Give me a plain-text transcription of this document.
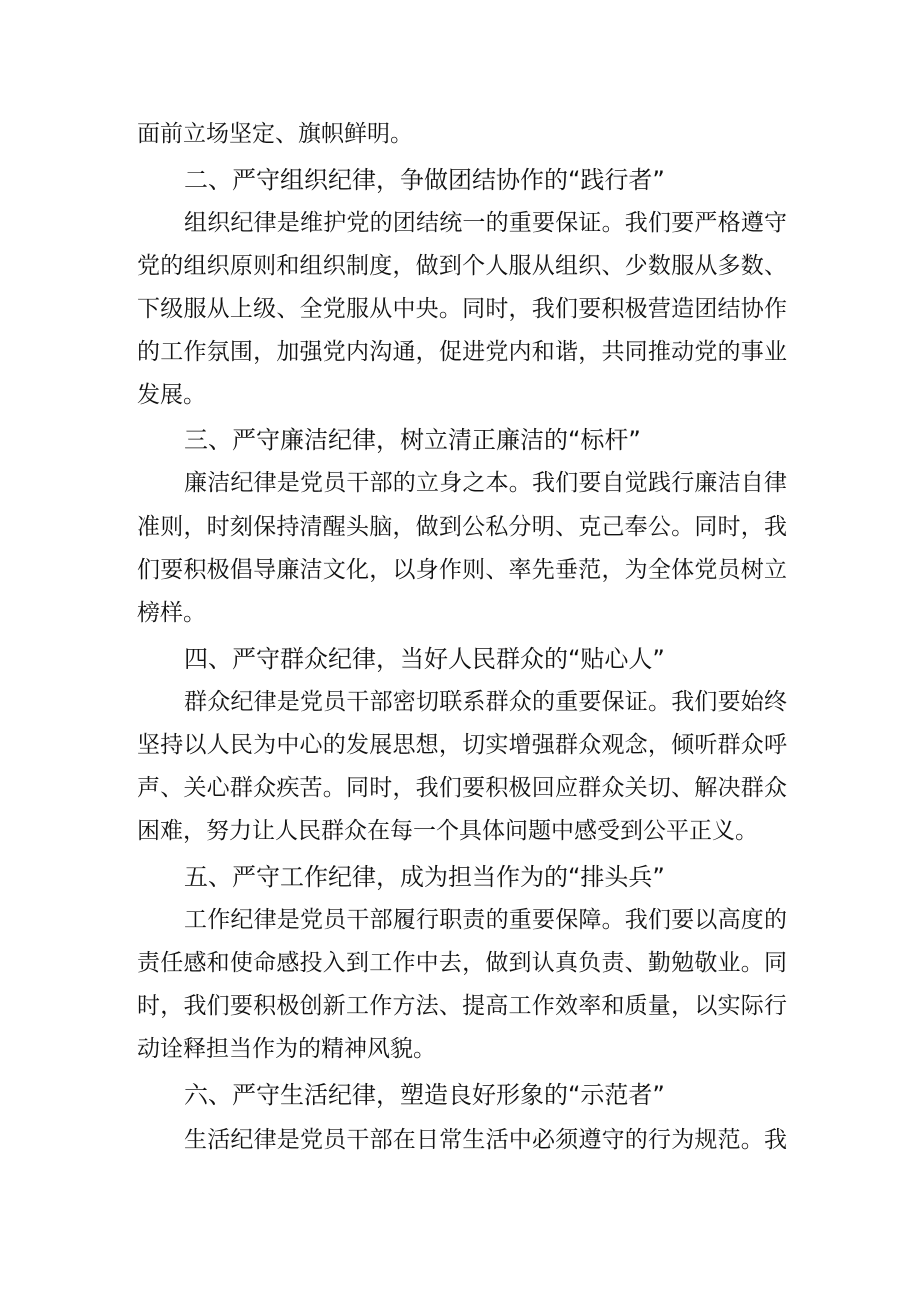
面前立场坚定、旗帜鲜明。
二、严守组织纪律，争做团结协作的“践行者”
组织纪律是维护党的团结统一的重要保证。我们要严格遵守
党的组织原则和组织制度，做到个人服从组织、少数服从多数、
下级服从上级、全党服从中央。同时，我们要积极营造团结协作
的工作氛围，加强党内沟通，促进党内和谐，共同推动党的事业
发展。
三、严守廉洁纪律，树立清正廉洁的“标杆”
廉洁纪律是党员干部的立身之本。我们要自觉践行廉洁自律
准则，时刻保持清醒头脑，做到公私分明、克己奉公。同时，我
们要积极倡导廉洁文化，以身作则、率先垂范，为全体党员树立
榜样。
四、严守群众纪律，当好人民群众的“贴心人”
群众纪律是党员干部密切联系群众的重要保证。我们要始终
坚持以人民为中心的发展思想，切实增强群众观念，倾听群众呼
声、关心群众疾苦。同时，我们要积极回应群众关切、解决群众
困难，努力让人民群众在每一个具体问题中感受到公平正义。
五、严守工作纪律，成为担当作为的“排头兵”
工作纪律是党员干部履行职责的重要保障。我们要以高度的
责任感和使命感投入到工作中去，做到认真负责、勤勉敬业。同
时，我们要积极创新工作方法、提高工作效率和质量，以实际行
动诠释担当作为的精神风貌。
六、严守生活纪律，塑造良好形象的“示范者”
生活纪律是党员干部在日常生活中必须遵守的行为规范。我
